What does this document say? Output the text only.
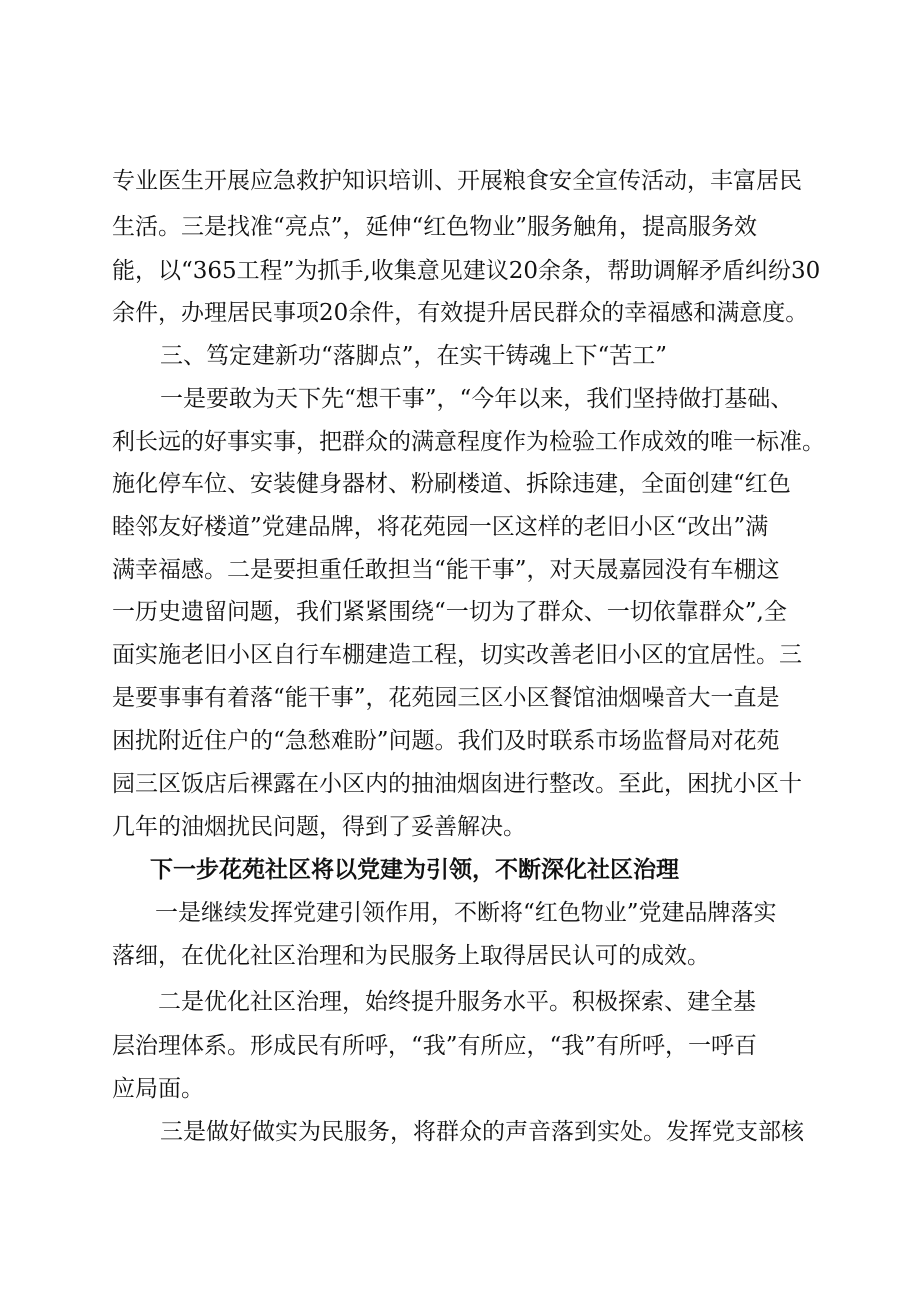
专业医生开展应急救护知识培训、开展粮食安全宣传活动，丰富居民
生活。三是找准“亮点”，延伸“红色物业”服务触角，提高服务效
能，以“365工程”为抓手,收集意见建议20余条，帮助调解矛盾纠纷30
余件，办理居民事项20余件，有效提升居民群众的幸福感和满意度。
三、笃定建新功“落脚点”，在实干铸魂上下“苦工”
一是要敢为天下先“想干事”，“今年以来，我们坚持做打基础、
利长远的好事实事，把群众的满意程度作为检验工作成效的唯一标准。
施化停车位、安装健身器材、粉刷楼道、拆除违建，全面创建“红色
睦邻友好楼道”党建品牌，将花苑园一区这样的老旧小区“改出”满
满幸福感。二是要担重任敢担当“能干事”，对天晟嘉园没有车棚这
一历史遗留问题，我们紧紧围绕“一切为了群众、一切依靠群众”,全
面实施老旧小区自行车棚建造工程，切实改善老旧小区的宜居性。三
是要事事有着落“能干事”，花苑园三区小区餐馆油烟噪音大一直是
困扰附近住户的“急愁难盼”问题。我们及时联系市场监督局对花苑
园三区饭店后裸露在小区内的抽油烟囱进行整改。至此，困扰小区十
几年的油烟扰民问题，得到了妥善解决。
下一步花苑社区将以党建为引领，不断深化社区治理
一是继续发挥党建引领作用，不断将“红色物业”党建品牌落实
落细，在优化社区治理和为民服务上取得居民认可的成效。
二是优化社区治理，始终提升服务水平。积极探索、建全基
层治理体系。形成民有所呼，“我”有所应，“我”有所呼，一呼百
应局面。
三是做好做实为民服务，将群众的声音落到实处。发挥党支部核
